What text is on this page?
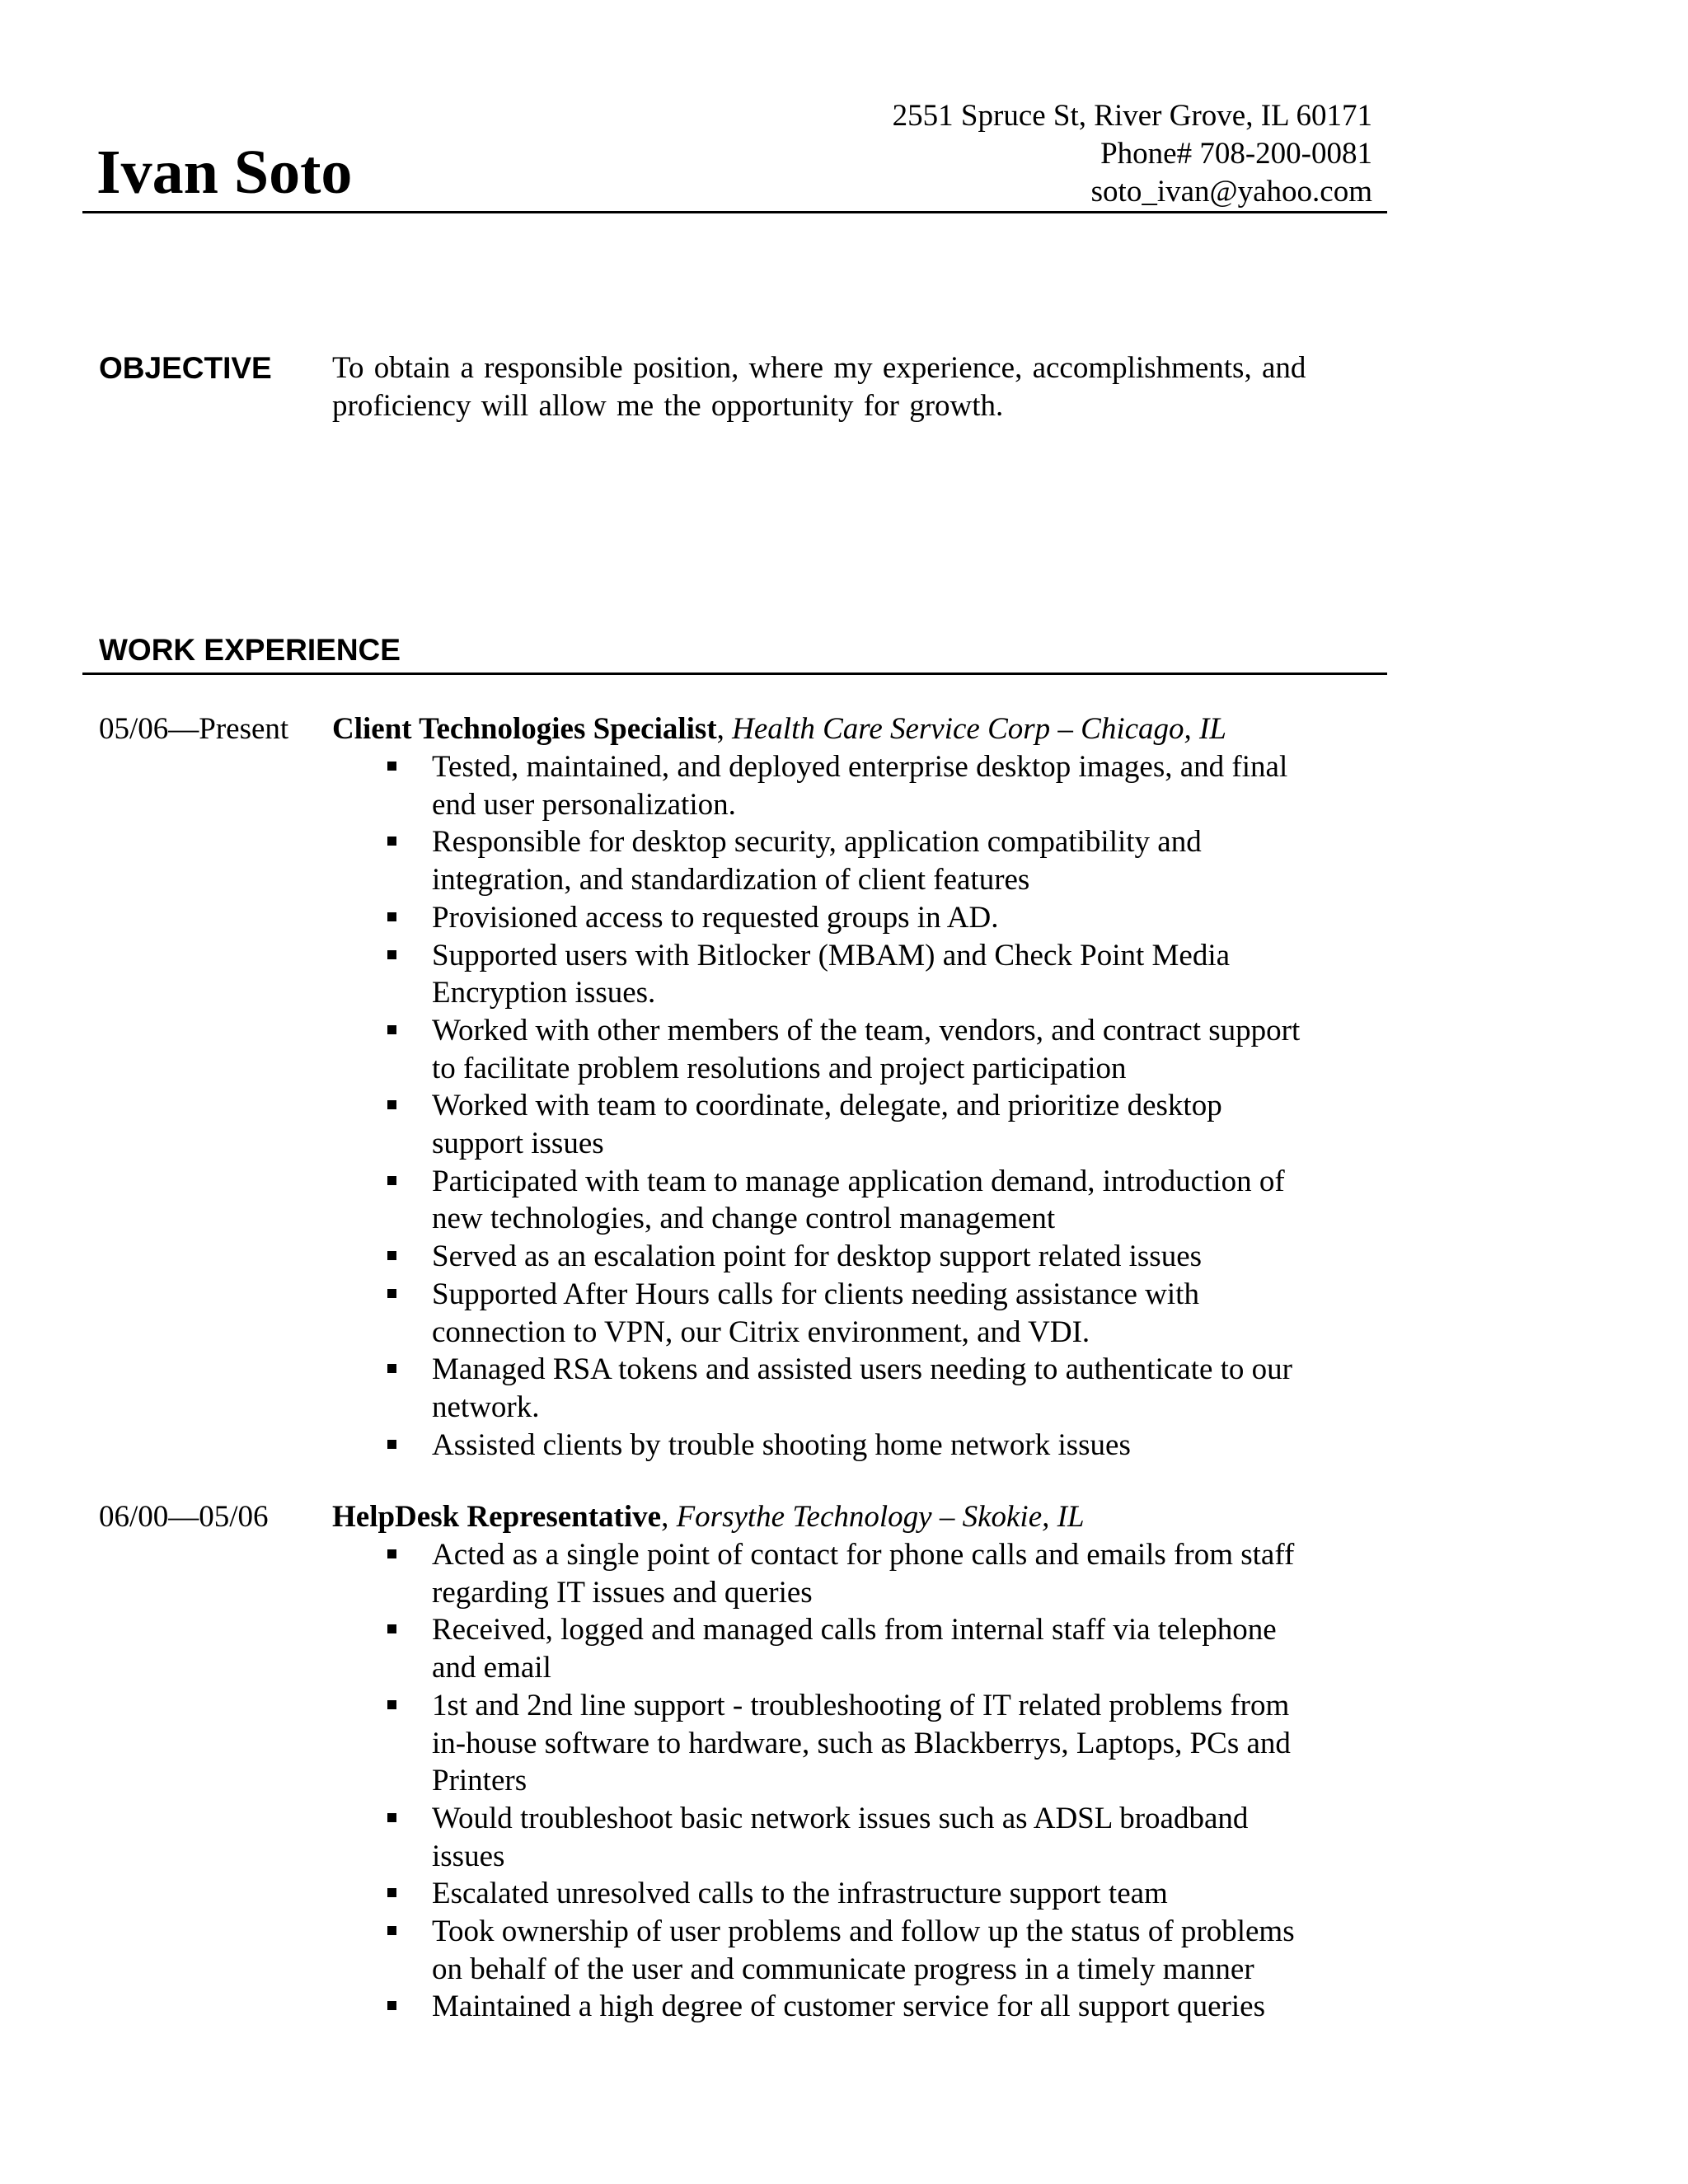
Ivan Soto
2551 Spruce St, River Grove, IL 60171
Phone# 708-200-0081
soto_ivan@yahoo.com
OBJECTIVE To obtain a responsible position, where my experience, accomplishments, and
proficiency will allow me the opportunity for growth.
WORK EXPERIENCE
05/06—Present Client Technologies Specialist, Health Care Service Corp – Chicago, IL
Tested, maintained, and deployed enterprise desktop images, and final
end user personalization.
Responsible for desktop security, application compatibility and
integration, and standardization of client features
Provisioned access to requested groups in AD.
Supported users with Bitlocker (MBAM) and Check Point Media
Encryption issues.
Worked with other members of the team, vendors, and contract support
to facilitate problem resolutions and project participation
Worked with team to coordinate, delegate, and prioritize desktop
support issues
Participated with team to manage application demand, introduction of
new technologies, and change control management
Served as an escalation point for desktop support related issues
Supported After Hours calls for clients needing assistance with
connection to VPN, our Citrix environment, and VDI.
Managed RSA tokens and assisted users needing to authenticate to our
network.
Assisted clients by trouble shooting home network issues
06/00—05/06 HelpDesk Representative, Forsythe Technology – Skokie, IL
Acted as a single point of contact for phone calls and emails from staff
regarding IT issues and queries
Received, logged and managed calls from internal staff via telephone
and email
1st and 2nd line support - troubleshooting of IT related problems from
in-house software to hardware, such as Blackberrys, Laptops, PCs and
Printers
Would troubleshoot basic network issues such as ADSL broadband
issues
Escalated unresolved calls to the infrastructure support team
Took ownership of user problems and follow up the status of problems
on behalf of the user and communicate progress in a timely manner
Maintained a high degree of customer service for all support queries
